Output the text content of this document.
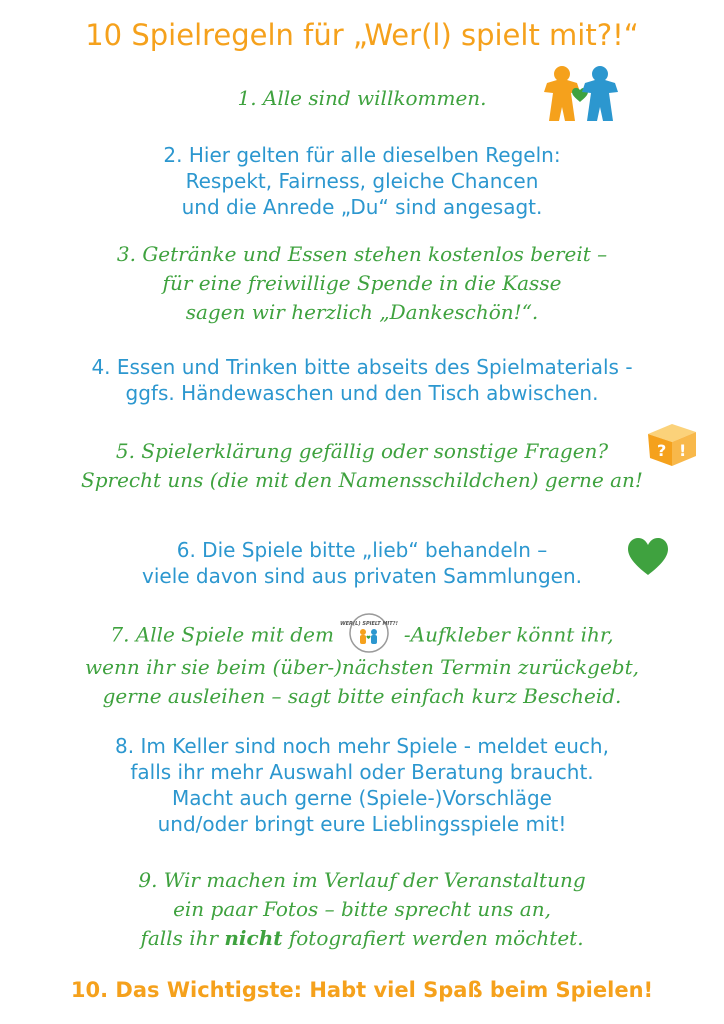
10 Spielregeln für „Wer(l) spielt mit?!“
1. Alle sind willkommen.
2. Hier gelten für alle dieselben Regeln:
Respekt, Fairness, gleiche Chancen
und die Anrede „Du“ sind angesagt.
3. Getränke und Essen stehen kostenlos bereit –
für eine freiwillige Spende in die Kasse
sagen wir herzlich „Dankeschön!“.
4. Essen und Trinken bitte abseits des Spielmaterials -
ggfs. Händewaschen und den Tisch abwischen.
5. Spielerklärung gefällig oder sonstige Fragen?
Sprecht uns (die mit den Namensschildchen) gerne an!
? !
6. Die Spiele bitte „lieb“ behandeln –
viele davon sind aus privaten Sammlungen.
7. Alle Spiele mit dem WER(L) SPIELT MIT?! -Aufkleber könnt ihr,
wenn ihr sie beim (über-)nächsten Termin zurückgebt,
gerne ausleihen – sagt bitte einfach kurz Bescheid.
8. Im Keller sind noch mehr Spiele - meldet euch,
falls ihr mehr Auswahl oder Beratung braucht.
Macht auch gerne (Spiele-)Vorschläge
und/oder bringt eure Lieblingsspiele mit!
9. Wir machen im Verlauf der Veranstaltung
ein paar Fotos – bitte sprecht uns an,
falls ihr nicht fotografiert werden möchtet.
10. Das Wichtigste: Habt viel Spaß beim Spielen!
